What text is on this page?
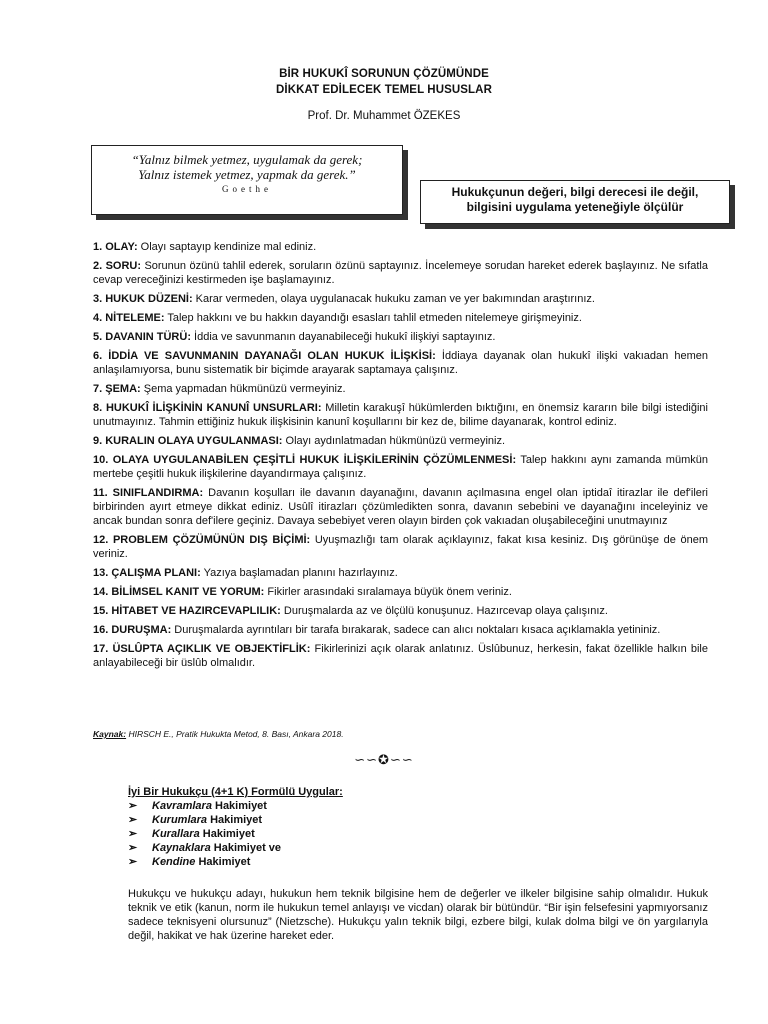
BİR HUKUKÎ SORUNUN ÇÖZÜMÜNDE
DİKKAT EDİLECEK TEMEL HUSUSLAR
Prof. Dr. Muhammet ÖZEKES
“Yalnız bilmek yetmez, uygulamak da gerek;
Yalnız istemek yetmez, yapmak da gerek.”
Goethe	Hukukçunun değeri, bilgi derecesi ile değil,
bilgisini uygulama yeteneğiyle ölçülür
1. OLAY: Olayı saptayıp kendinize mal ediniz.
2. SORU: Sorunun özünü tahlil ederek, soruların özünü saptayınız. İncelemeye sorudan hareket ederek başlayınız. Ne sıfatla cevap vereceğinizi kestirmeden işe başlamayınız.
3. HUKUK DÜZENİ: Karar vermeden, olaya uygulanacak hukuku zaman ve yer bakımından araştırınız.
4. NİTELEME: Talep hakkını ve bu hakkın dayandığı esasları tahlil etmeden nitelemeye girişmeyiniz.
5. DAVANIN TÜRÜ: İddia ve savunmanın dayanabileceği hukukî ilişkiyi saptayınız.
6. İDDİA VE SAVUNMANIN DAYANAĞI OLAN HUKUK İLİŞKİSİ: İddiaya dayanak olan hukukî ilişki vakıadan hemen anlaşılamıyorsa, bunu sistematik bir biçimde arayarak saptamaya çalışınız.
7. ŞEMA: Şema yapmadan hükmünüzü vermeyiniz.
8. HUKUKÎ İLİŞKİNİN KANUNÎ UNSURLARI: Milletin karakuşî hükümlerden bıktığını, en önemsiz kararın bile bilgi istediğini unutmayınız. Tahmin ettiğiniz hukuk ilişkisinin kanunî koşullarını bir kez de, bilime dayanarak, kontrol ediniz.
9. KURALIN OLAYA UYGULANMASI: Olayı aydınlatmadan hükmünüzü vermeyiniz.
10. OLAYA UYGULANABİLEN ÇEŞİTLİ HUKUK İLİŞKİLERİNİN ÇÖZÜMLENMESİ: Talep hakkını aynı zamanda mümkün mertebe çeşitli hukuk ilişkilerine dayandırmaya çalışınız.
11. SINIFLANDIRMA: Davanın koşulları ile davanın dayanağını, davanın açılmasına engel olan iptidaî itirazlar ile def'ileri birbirinden ayırt etmeye dikkat ediniz. Usûlî itirazları çözümledikten sonra, davanın sebebini ve dayanağını inceleyiniz ve ancak bundan sonra def'ilere geçiniz. Davaya sebebiyet veren olayın birden çok vakıadan oluşabileceğini unutmayınız
12. PROBLEM ÇÖZÜMÜNÜN DIŞ BİÇİMİ: Uyuşmazlığı tam olarak açıklayınız, fakat kısa kesiniz. Dış görünüşe de önem veriniz.
13. ÇALIŞMA PLANI: Yazıya başlamadan planını hazırlayınız.
14. BİLİMSEL KANIT VE YORUM: Fikirler arasındaki sıralamaya büyük önem veriniz.
15. HİTABET VE HAZIRCEVAPLILIK: Duruşmalarda az ve ölçülü konuşunuz. Hazırcevap olaya çalışınız.
16. DURUŞMA: Duruşmalarda ayrıntıları bir tarafa bırakarak, sadece can alıcı noktaları kısaca açıklamakla yetininiz.
17. ÜSLÛPTA AÇIKLIK VE OBJEKTİFLİK: Fikirlerinizi açık olarak anlatınız. Üslûbunuz, herkesin, fakat özellikle halkın bile anlayabileceği bir üslûb olmalıdır.
Kaynak: HIRSCH E., Pratik Hukukta Metod, 8. Bası, Ankara 2018.
∽∽✪∽∽
İyi Bir Hukukçu (4+1 K) Formülü Uygular:
➢ Kavramlara Hakimiyet
➢ Kurumlara Hakimiyet
➢ Kurallara Hakimiyet
➢ Kaynaklara Hakimiyet ve
➢ Kendine Hakimiyet
Hukukçu ve hukukçu adayı, hukukun hem teknik bilgisine hem de değerler ve ilkeler bilgisine sahip olmalıdır. Hukuk teknik ve etik (kanun, norm ile hukukun temel anlayışı ve vicdan) olarak bir bütündür. “Bir işin felsefesini yapmıyorsanız sadece teknisyeni olursunuz” (Nietzsche). Hukukçu yalın teknik bilgi, ezbere bilgi, kulak dolma bilgi ve ön yargılarıyla değil, hakikat ve hak üzerine hareket eder.
